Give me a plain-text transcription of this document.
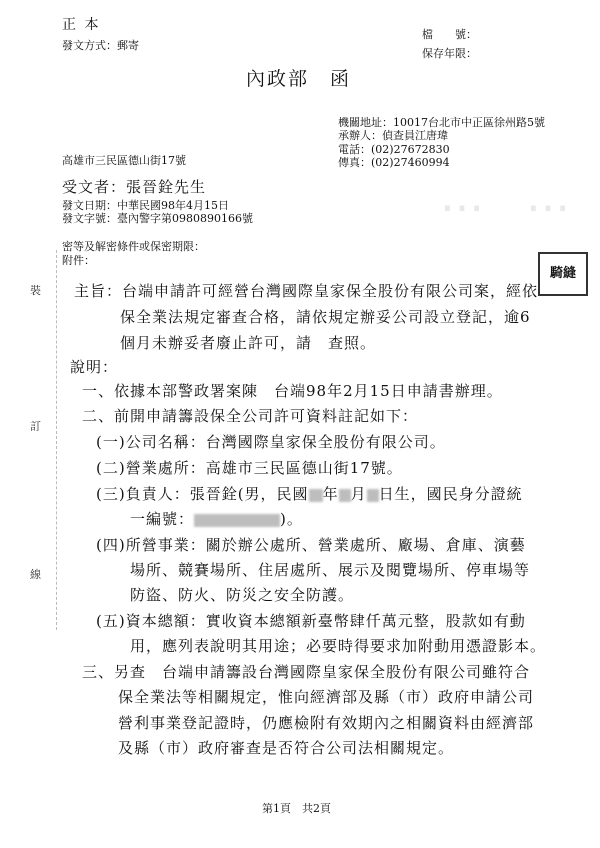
裝
訂
線
正 本
發文方式：郵寄
檔　　號：
保存年限：
內政部　函
機關地址：10017台北市中正區徐州路5號
承辦人：偵查員江唐瑋
電話：(02)27672830
傳真：(02)27460994
高雄市三民區德山街17號
⋯ ⋯
受文者：張晉銓先生
發文日期：中華民國98年4月15日
發文字號：臺內警字第0980890166號
密等及解密條件或保密期限：
附件：
騎縫
主旨：台端申請許可經營台灣國際皇家保全股份有限公司案，經依
保全業法規定審查合格，請依規定辦妥公司設立登記，逾6
個月未辦妥者廢止許可，請　查照。
說明：
一、依據本部警政署案陳　台端98年2月15日申請書辦理。
二、前開申請籌設保全公司許可資料註記如下：
(一)公司名稱：台灣國際皇家保全股份有限公司。
(二)營業處所：高雄市三民區德山街17號。
(三)負責人：張晉銓(男，民國 年 月 日生，國民身分證統
一編號：	)。
(四)所營事業：關於辦公處所、營業處所、廠場、倉庫、演藝
場所、競賽場所、住居處所、展示及閱覽場所、停車場等
防盜、防火、防災之安全防護。
(五)資本總額：實收資本總額新臺幣肆仟萬元整，股款如有動
用，應列表說明其用途；必要時得要求加附動用憑證影本。
三、另查　台端申請籌設台灣國際皇家保全股份有限公司雖符合
保全業法等相關規定，惟向經濟部及縣（市）政府申請公司
營利事業登記證時，仍應檢附有效期內之相關資料由經濟部
及縣（市）政府審查是否符合公司法相關規定。
第1頁　共2頁
